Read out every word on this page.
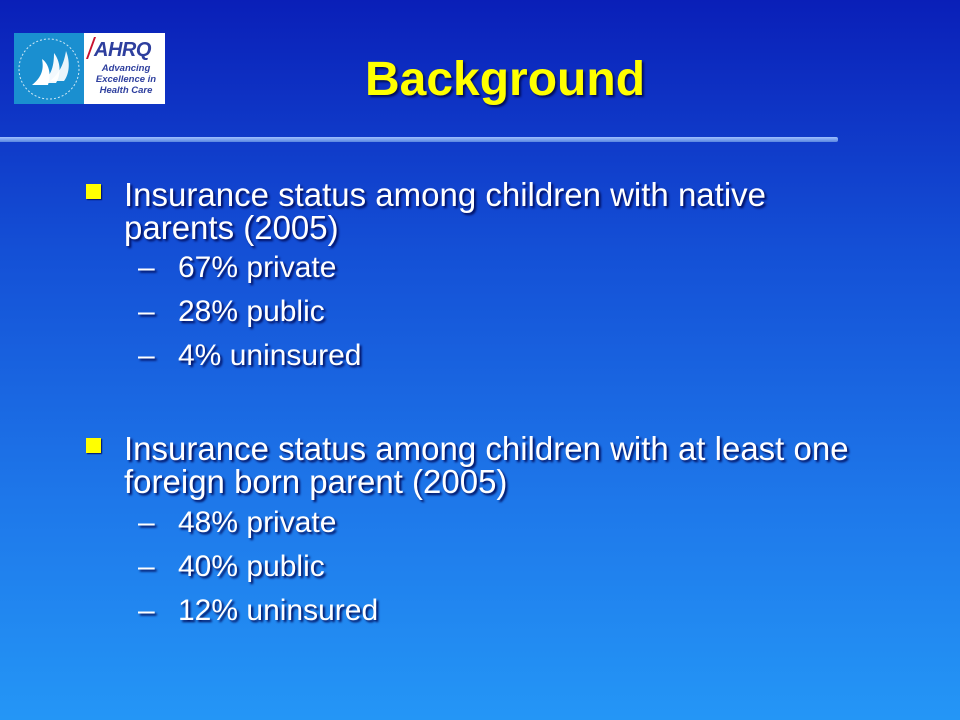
AHRQ
Advancing
Excellence in
Health Care	Background
Insurance status among children with native parents (2005)
– 67% private
– 28% public
– 4% uninsured
Insurance status among children with at least one foreign born parent (2005)
– 48% private
– 40% public
– 12% uninsured
